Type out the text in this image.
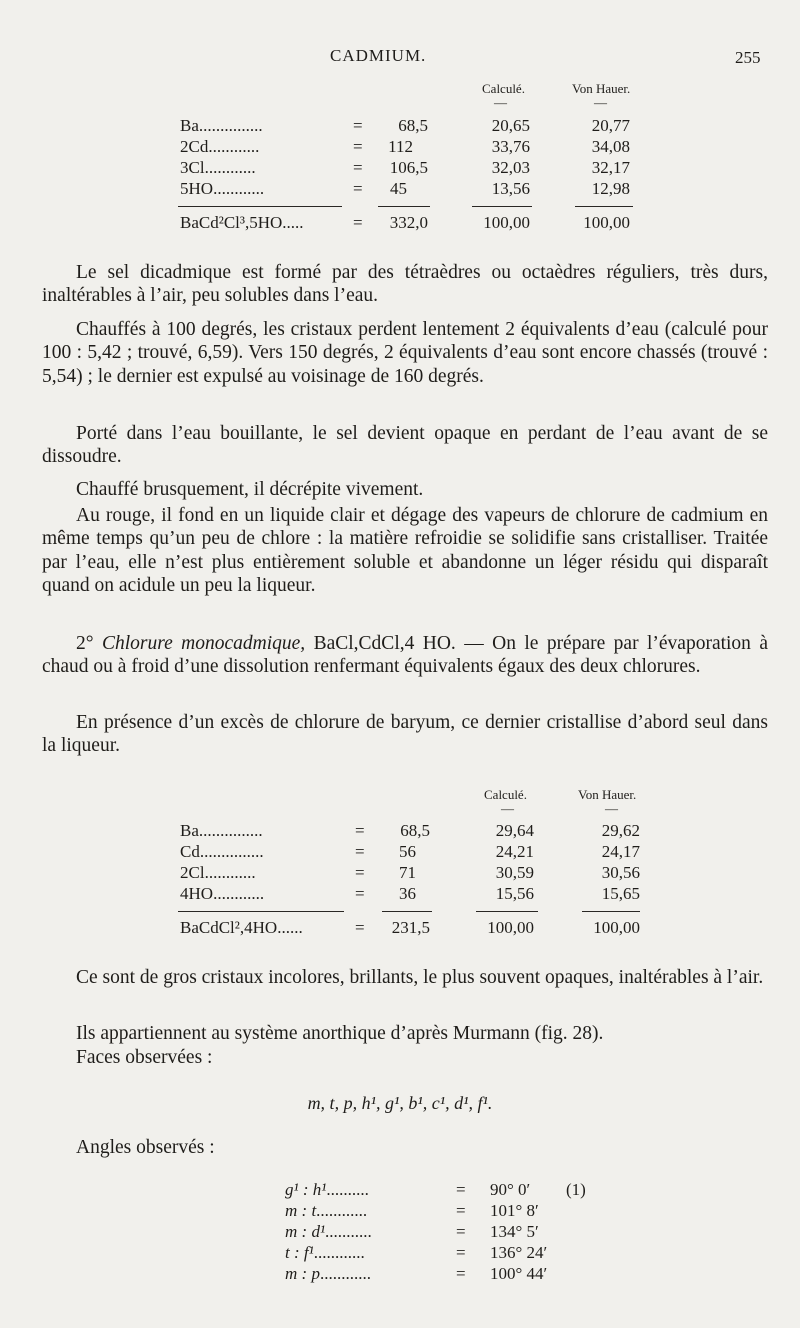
CADMIUM.	255
Calculé.	Von Hauer.
—	—
Ba...............	=	68,5	20,65	20,77
2Cd............	=	112	33,76	34,08
3Cl............	=	106,5	32,03	32,17
5HO............	=	45	13,56	12,98
BaCd²Cl³,5HO.....	=	332,0	100,00	100,00
Le sel dicadmique est formé par des tétraèdres ou octaèdres réguliers, très durs, inaltérables à l’air, peu solubles dans l’eau.
Chauffés à 100 degrés, les cristaux perdent lentement 2 équivalents d’eau (calculé pour 100 : 5,42 ; trouvé, 6,59). Vers 150 degrés, 2 équivalents d’eau sont encore chassés (trouvé : 5,54) ; le dernier est expulsé au voisinage de 160 degrés.
Porté dans l’eau bouillante, le sel devient opaque en perdant de l’eau avant de se dissoudre.
Chauffé brusquement, il décrépite vivement.
Au rouge, il fond en un liquide clair et dégage des vapeurs de chlorure de cadmium en même temps qu’un peu de chlore : la matière refroidie se solidifie sans cristalliser. Traitée par l’eau, elle n’est plus entièrement soluble et abandonne un léger résidu qui disparaît quand on acidule un peu la liqueur.
2° Chlorure monocadmique, BaCl,CdCl,4 HO. — On le prépare par l’évaporation à chaud ou à froid d’une dissolution renfermant équivalents égaux des deux chlorures.
En présence d’un excès de chlorure de baryum, ce dernier cristallise d’abord seul dans la liqueur.
Calculé.	Von Hauer.
—	—
Ba...............	=	68,5	29,64	29,62
Cd...............	=	56	24,21	24,17
2Cl............	=	71	30,59	30,56
4HO............	=	36	15,56	15,65
BaCdCl²,4HO......	=	231,5	100,00	100,00
Ce sont de gros cristaux incolores, brillants, le plus souvent opaques, inaltérables à l’air.
Ils appartiennent au système anorthique d’après Murmann (fig. 28).
Faces observées :
m, t, p, h¹, g¹, b¹, c¹, d¹, f¹.
Angles observés :
g¹ : h¹..........	= 90° 0′ (1)
m : t............	= 101° 8′
m : d¹...........	= 134° 5′
t : f¹............	= 136° 24′
m : p............	= 100° 44′
